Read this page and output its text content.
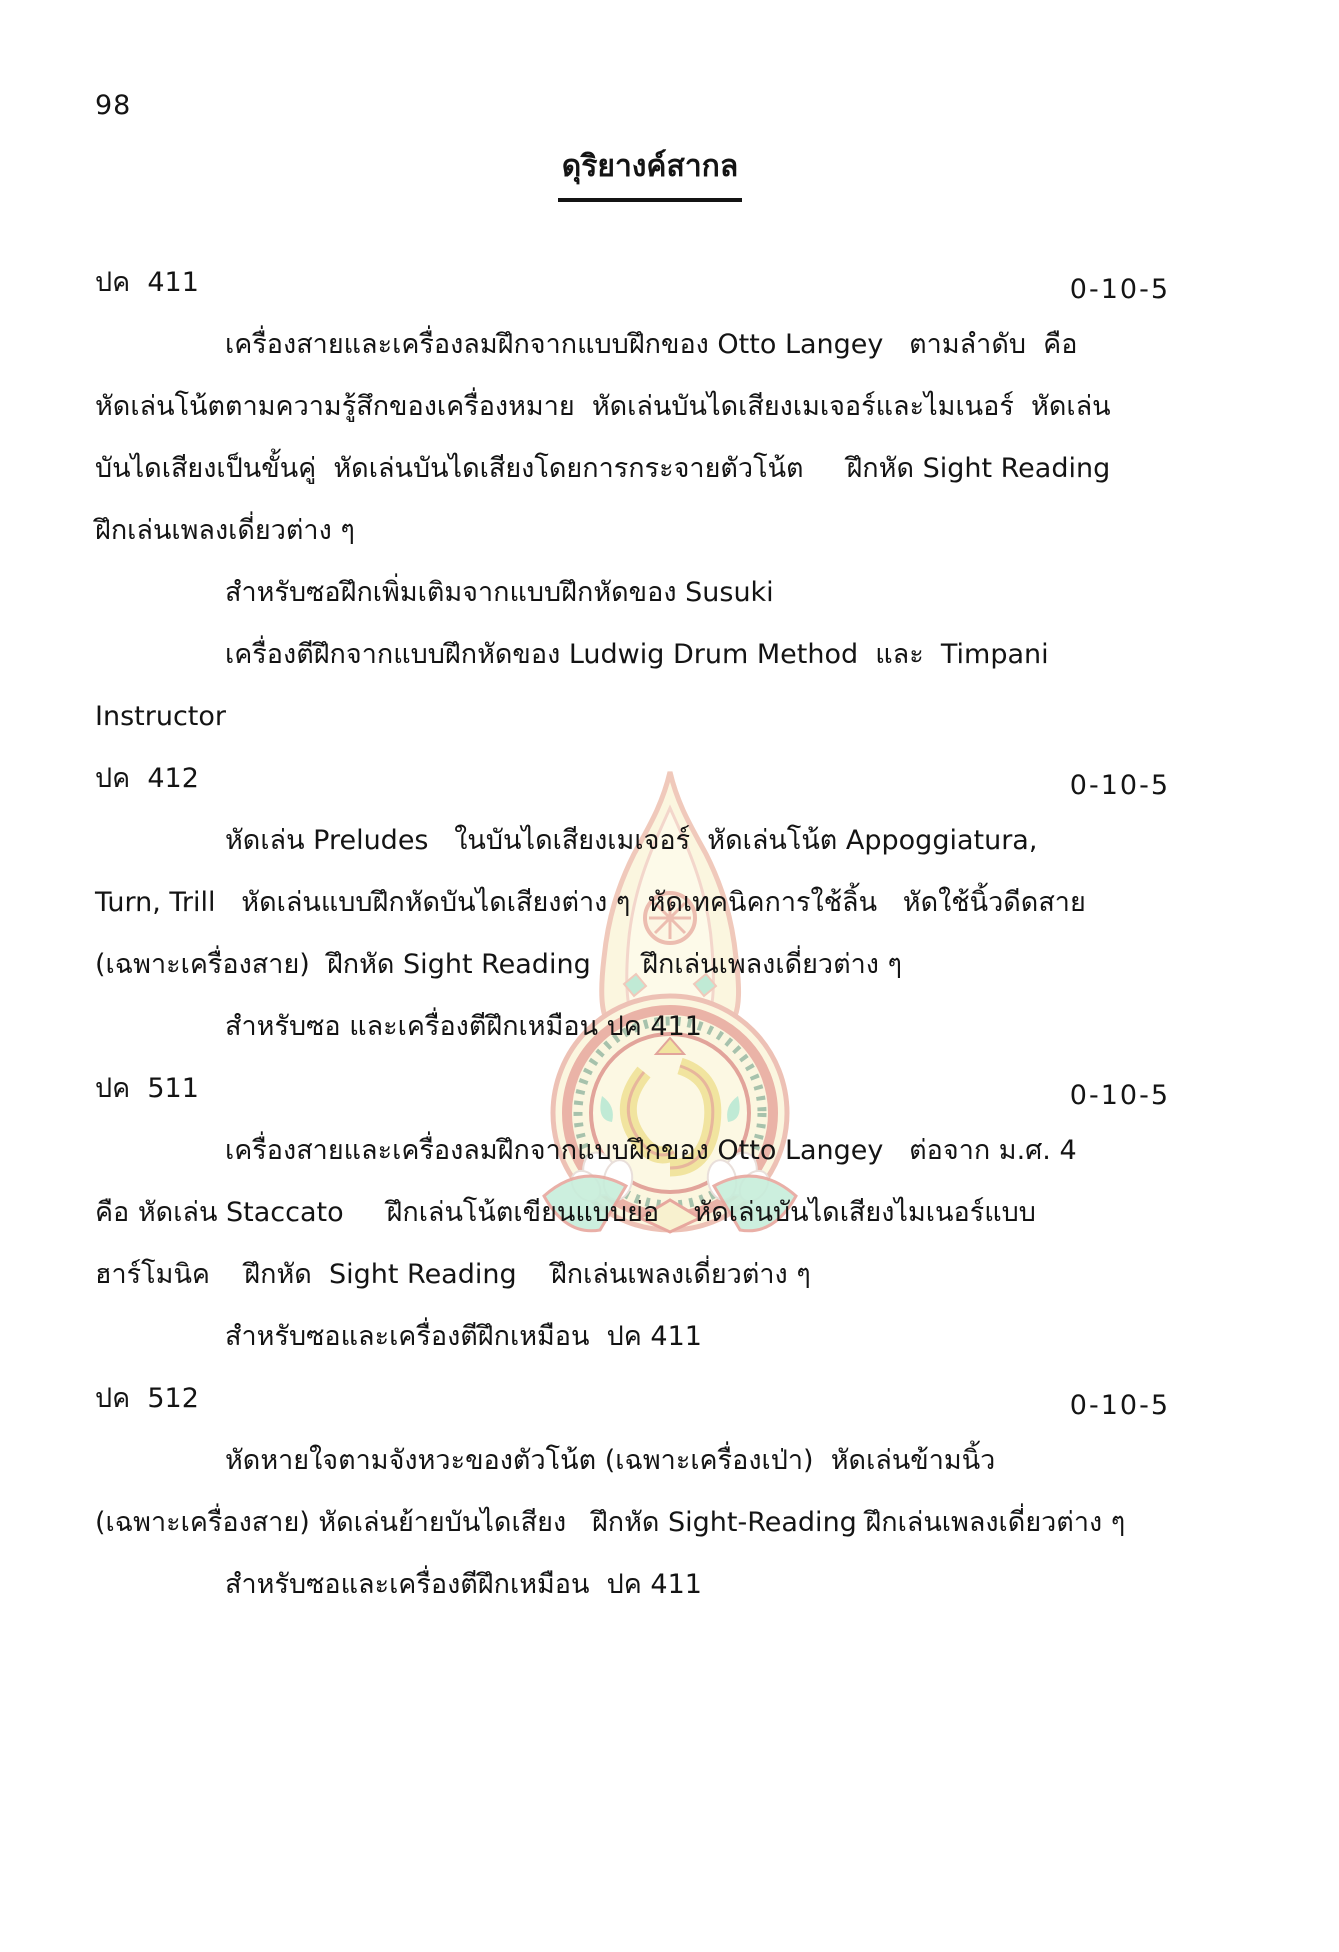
98
ดุริยางค์สากล
ปค  411	0-10-5
เครื่องสายและเครื่องลมฝึกจากแบบฝึกของ Otto Langey   ตามลำดับ  คือ
หัดเล่นโน้ตตามความรู้สึกของเครื่องหมาย  หัดเล่นบันไดเสียงเมเจอร์และไมเนอร์  หัดเล่น
บันไดเสียงเป็นขั้นคู่  หัดเล่นบันไดเสียงโดยการกระจายตัวโน้ต     ฝึกหัด Sight Reading
ฝึกเล่นเพลงเดี่ยวต่าง ๆ
สำหรับซอฝึกเพิ่มเติมจากแบบฝึกหัดของ Susuki
เครื่องตีฝึกจากแบบฝึกหัดของ Ludwig Drum Method  และ  Timpani
Instructor
ปค  412	0-10-5
หัดเล่น Preludes   ในบันไดเสียงเมเจอร์  หัดเล่นโน้ต Appoggiatura,
Turn, Trill   หัดเล่นแบบฝึกหัดบันไดเสียงต่าง ๆ  หัดเทคนิคการใช้ลิ้น   หัดใช้นิ้วดีดสาย
(เฉพาะเครื่องสาย)  ฝึกหัด Sight Reading      ฝึกเล่นเพลงเดี่ยวต่าง ๆ
สำหรับซอ และเครื่องตีฝึกเหมือน ปค 411
ปค  511	0-10-5
เครื่องสายและเครื่องลมฝึกจากแบบฝึกของ Otto Langey   ต่อจาก ม.ศ. 4
คือ หัดเล่น Staccato     ฝึกเล่นโน้ตเขียนแบบย่อ    หัดเล่นบันไดเสียงไมเนอร์แบบ
ฮาร์โมนิค    ฝึกหัด  Sight Reading    ฝึกเล่นเพลงเดี่ยวต่าง ๆ
สำหรับซอและเครื่องตีฝึกเหมือน  ปค 411
ปค  512	0-10-5
หัดหายใจตามจังหวะของตัวโน้ต (เฉพาะเครื่องเป่า)  หัดเล่นข้ามนิ้ว
(เฉพาะเครื่องสาย) หัดเล่นย้ายบันไดเสียง   ฝึกหัด Sight-Reading ฝึกเล่นเพลงเดี่ยวต่าง ๆ
สำหรับซอและเครื่องตีฝึกเหมือน  ปค 411
